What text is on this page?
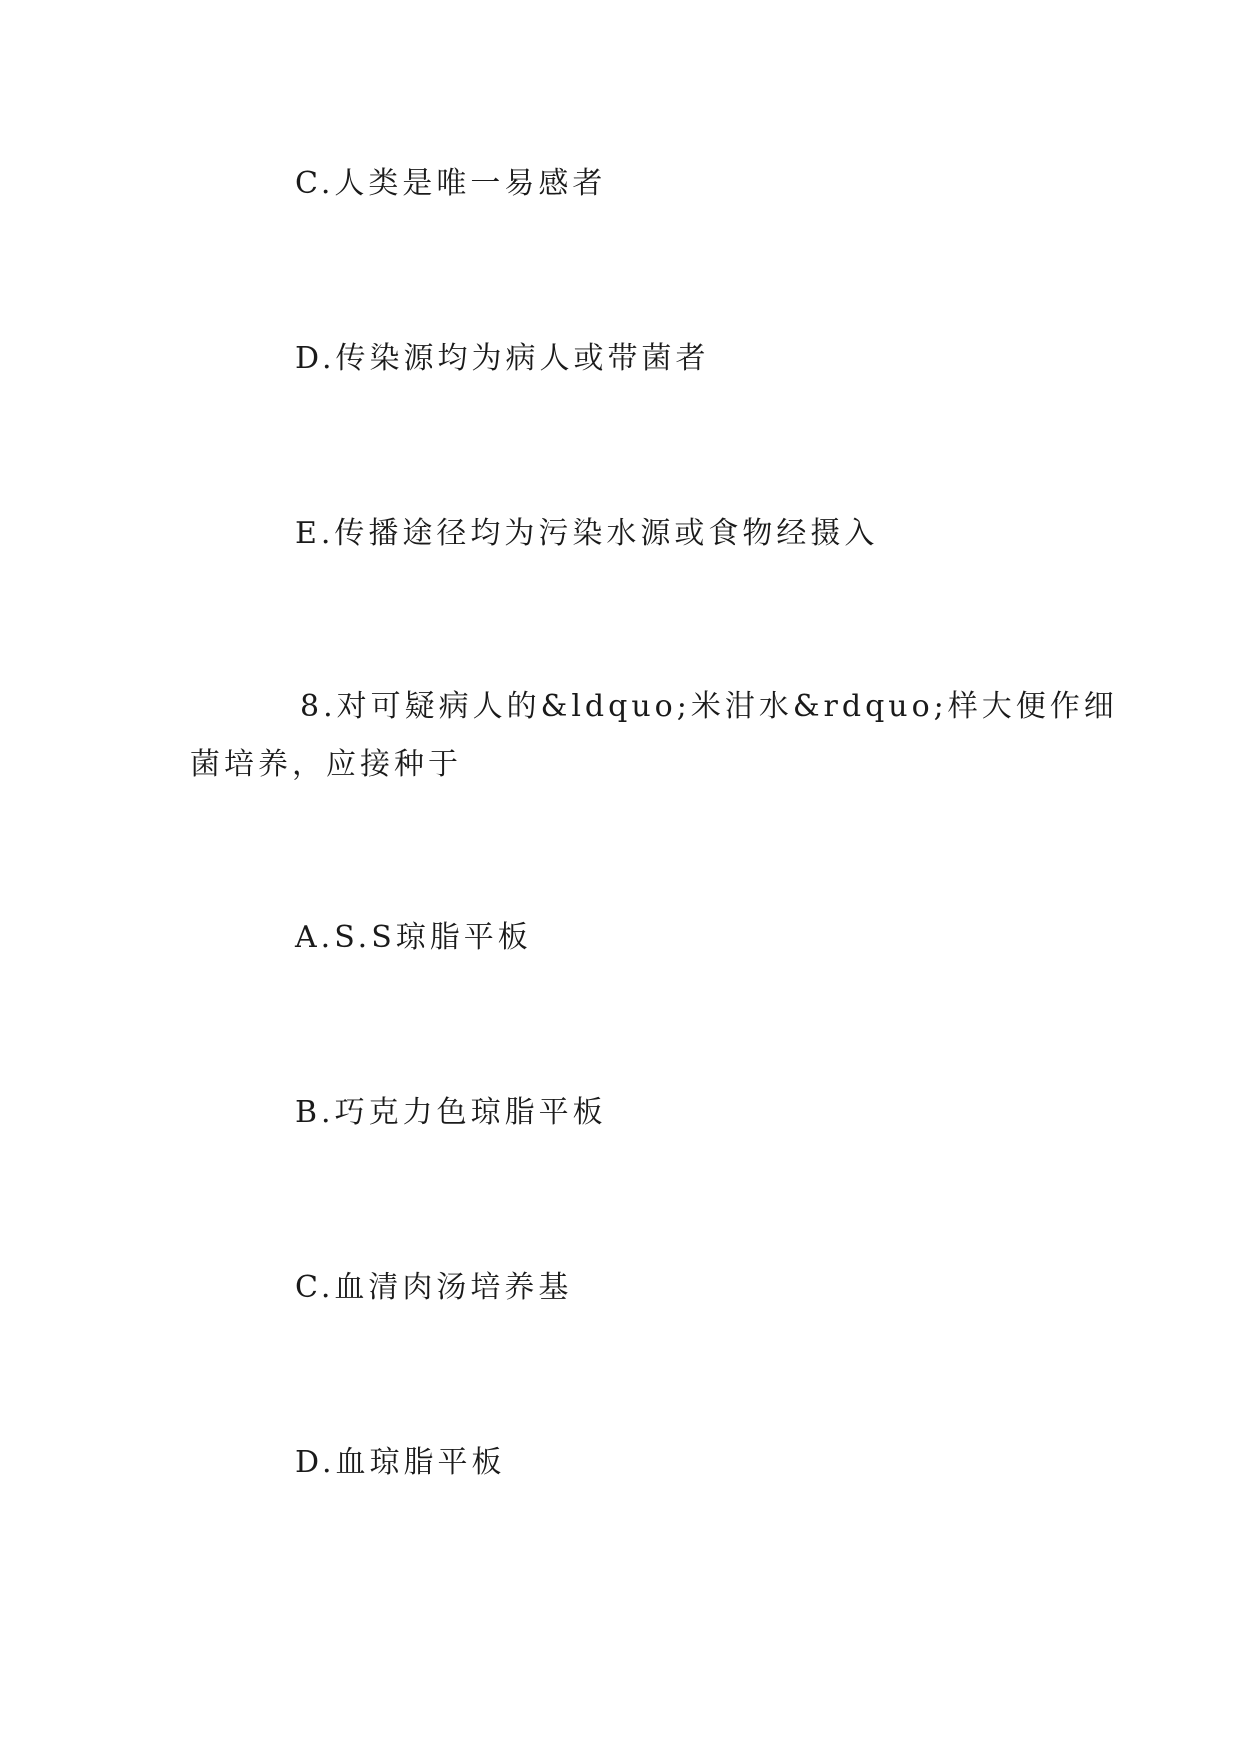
C.人类是唯一易感者
D.传染源均为病人或带菌者
E.传播途径均为污染水源或食物经摄入
8.对可疑病人的&ldquo;米泔水&rdquo;样大便作细
菌培养，应接种于
A.S.S琼脂平板
B.巧克力色琼脂平板
C.血清肉汤培养基
D.血琼脂平板
